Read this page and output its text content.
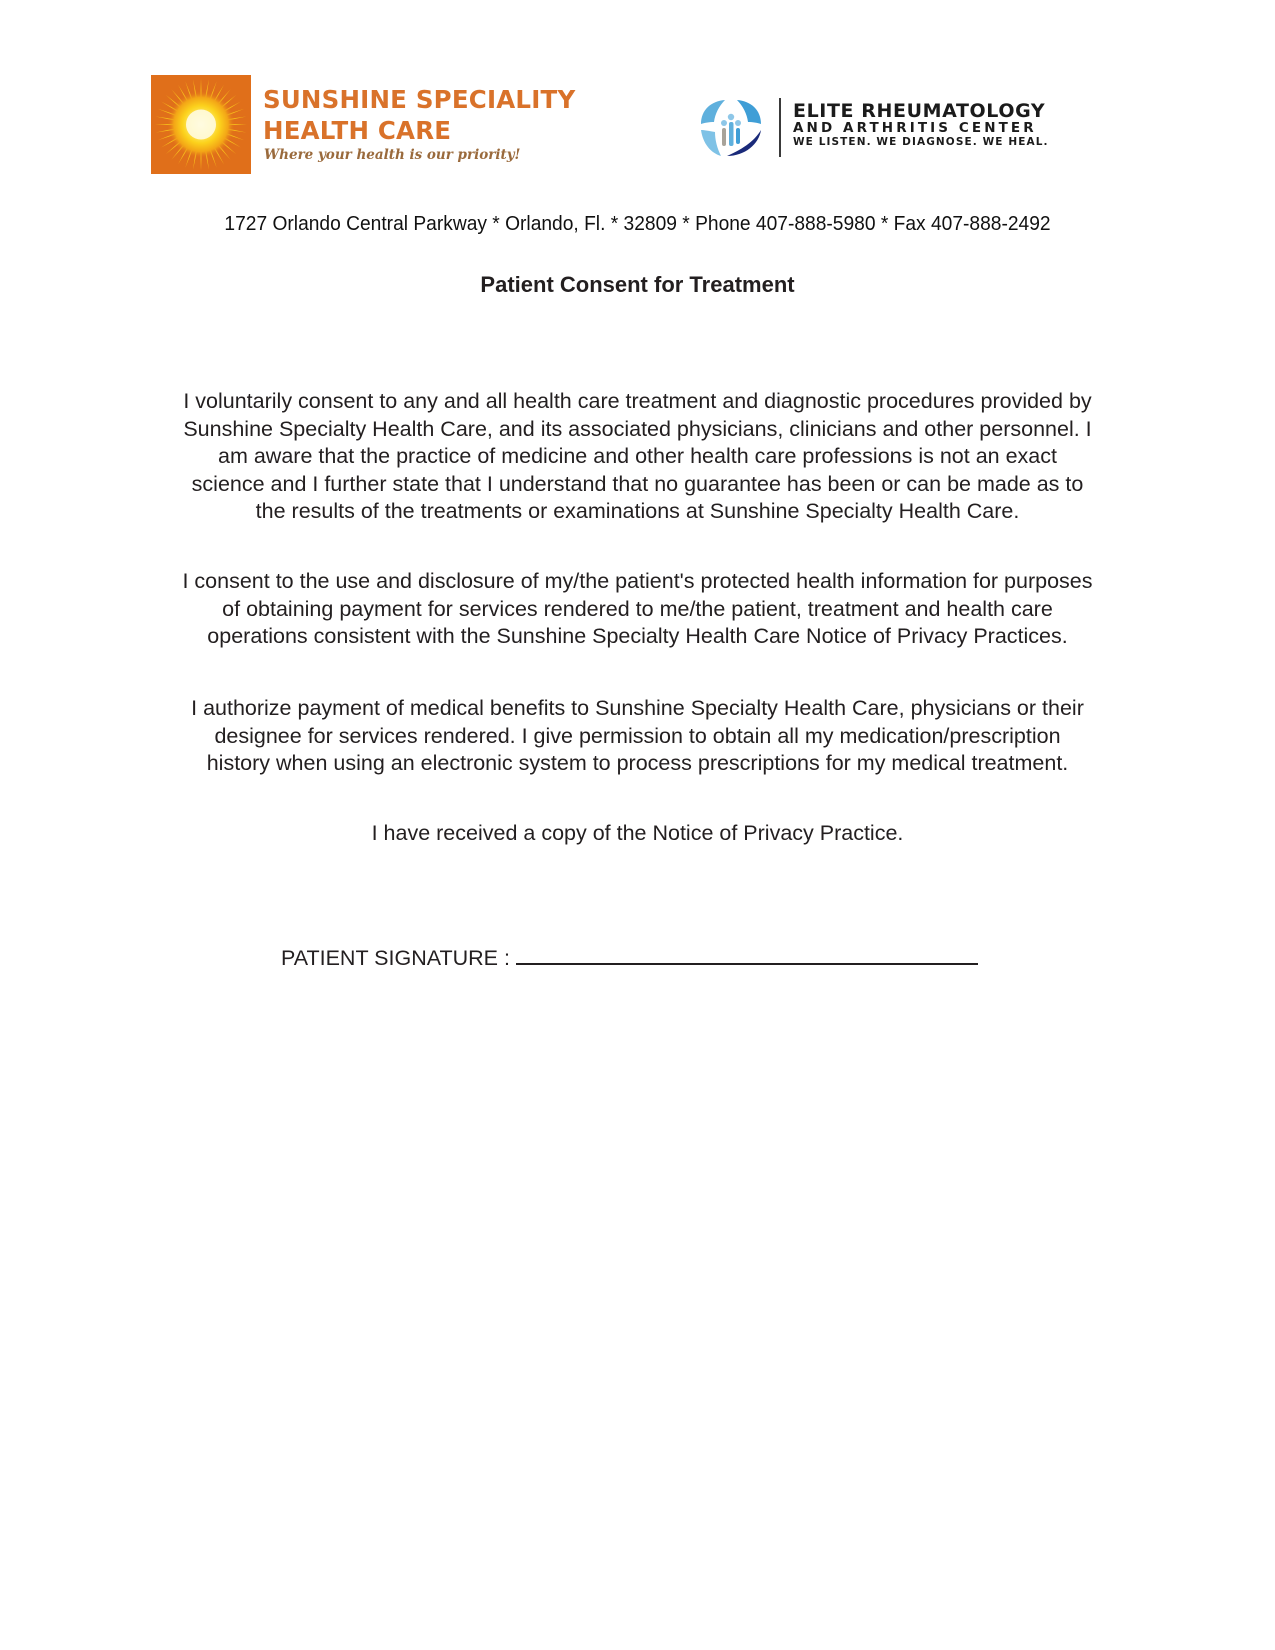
SUNSHINE SPECIALITY
HEALTH CARE
Where your health is our priority!
ELITE RHEUMATOLOGY
AND ARTHRITIS CENTER
WE LISTEN. WE DIAGNOSE. WE HEAL.
1727 Orlando Central Parkway * Orlando, Fl. * 32809 * Phone 407-888-5980 * Fax 407-888-2492
Patient Consent for Treatment
I voluntarily consent to any and all health care treatment and diagnostic procedures provided by
Sunshine Specialty Health Care, and its associated physicians, clinicians and other personnel. I
am aware that the practice of medicine and other health care professions is not an exact
science and I further state that I understand that no guarantee has been or can be made as to
the results of the treatments or examinations at Sunshine Specialty Health Care.
I consent to the use and disclosure of my/the patient's protected health information for purposes
of obtaining payment for services rendered to me/the patient, treatment and health care
operations consistent with the Sunshine Specialty Health Care Notice of Privacy Practices.
I authorize payment of medical benefits to Sunshine Specialty Health Care, physicians or their
designee for services rendered. I give permission to obtain all my medication/prescription
history when using an electronic system to process prescriptions for my medical treatment.
I have received a copy of the Notice of Privacy Practice.
PATIENT SIGNATURE :
